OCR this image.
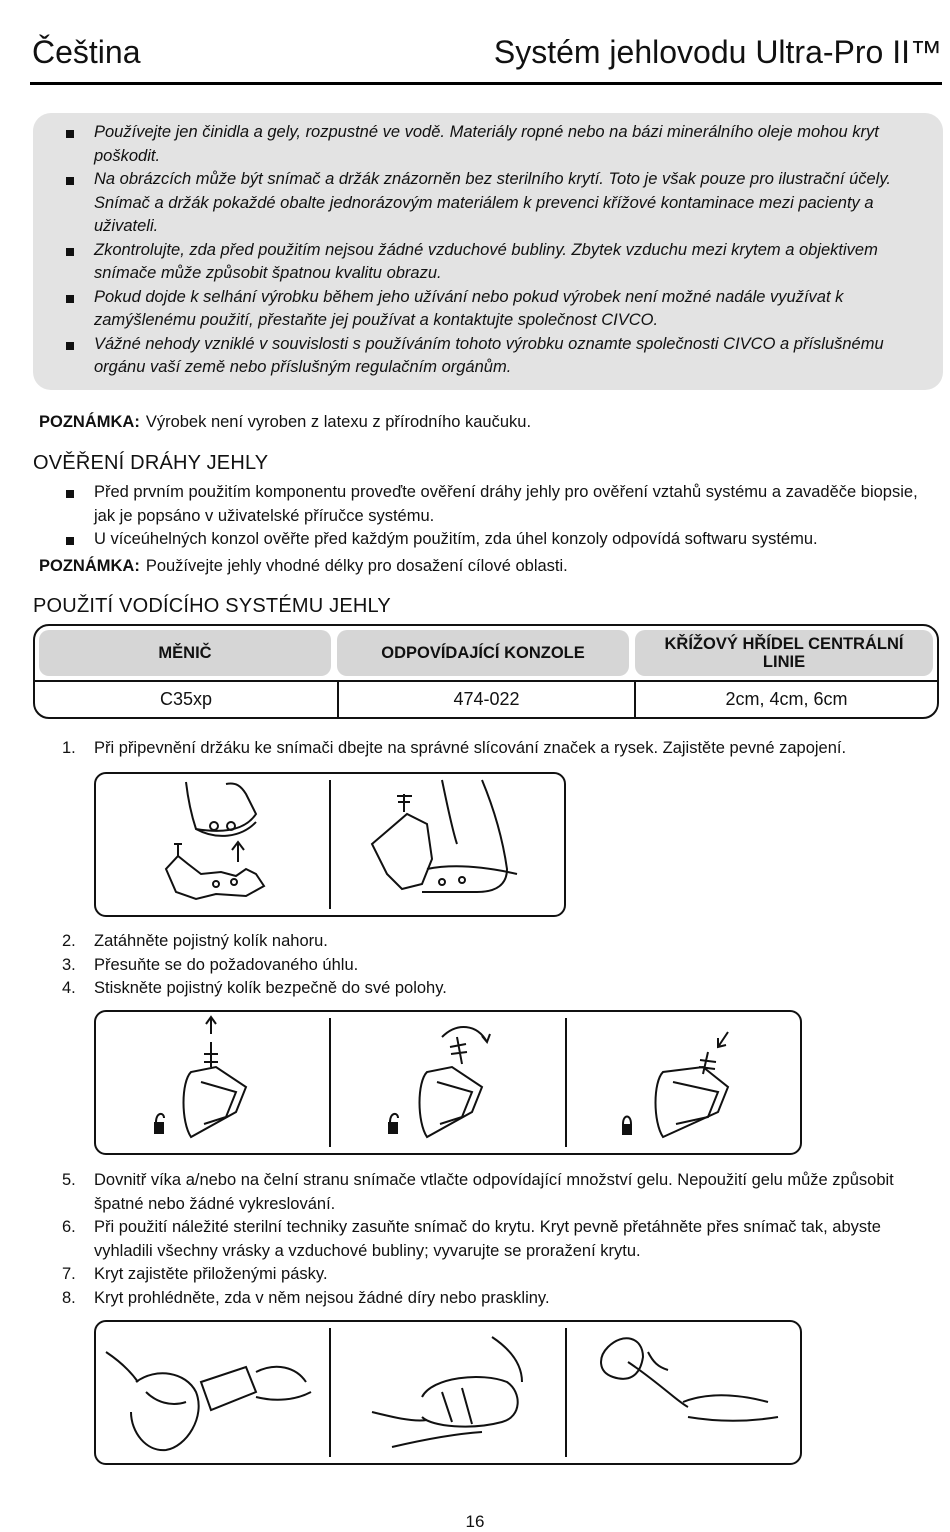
Čeština	Systém jehlovodu Ultra-Pro II™
Používejte jen činidla a gely, rozpustné ve vodě. Materiály ropné nebo na bázi minerálního oleje mohou kryt poškodit.
Na obrázcích může být snímač a držák znázorněn bez sterilního krytí. Toto je však pouze pro ilustrační účely. Snímač a držák pokaždé obalte jednorázovým materiálem k prevenci křížové kontaminace mezi pacienty a uživateli.
Zkontrolujte, zda před použitím nejsou žádné vzduchové bubliny. Zbytek vzduchu mezi krytem a objektivem snímače může způsobit špatnou kvalitu obrazu.
Pokud dojde k selhání výrobku během jeho užívání nebo pokud výrobek není možné nadále využívat k zamýšlenému použití, přestaňte jej používat a kontaktujte společnost CIVCO.
Vážné nehody vzniklé v souvislosti s používáním tohoto výrobku oznamte společnosti CIVCO a příslušnému orgánu vaší země nebo příslušným regulačním orgánům.
POZNÁMKA: Výrobek není vyroben z latexu z přírodního kaučuku.
OVĚŘENÍ DRÁHY JEHLY
Před prvním použitím komponentu proveďte ověření dráhy jehly pro ověření vztahů systému a zavaděče biopsie, jak je popsáno v uživatelské příručce systému.
U víceúhelných konzol ověřte před každým použitím, zda úhel konzoly odpovídá softwaru systému.
POZNÁMKA: Používejte jehly vhodné délky pro dosažení cílové oblasti.
POUŽITÍ VODÍCÍHO SYSTÉMU JEHLY
MĚNIČ	ODPOVÍDAJÍCÍ KONZOLE	KŘÍŽOVÝ HŘÍDEL CENTRÁLNÍ LINIE
C35xp	474-022	2cm, 4cm, 6cm
1. Při připevnění držáku ke snímači dbejte na správné slícování značek a rysek. Zajistěte pevné zapojení.
2. Zatáhněte pojistný kolík nahoru.
3. Přesuňte se do požadovaného úhlu.
4. Stiskněte pojistný kolík bezpečně do své polohy.
5. Dovnitř víka a/nebo na čelní stranu snímače vtlačte odpovídající množství gelu. Nepoužití gelu může způsobit špatné nebo žádné vykreslování.
6. Při použití náležité sterilní techniky zasuňte snímač do krytu. Kryt pevně přetáhněte přes snímač tak, abyste vyhladili všechny vrásky a vzduchové bubliny; vyvarujte se proražení krytu.
7. Kryt zajistěte přiloženými pásky.
8. Kryt prohlédněte, zda v něm nejsou žádné díry nebo praskliny.
16
